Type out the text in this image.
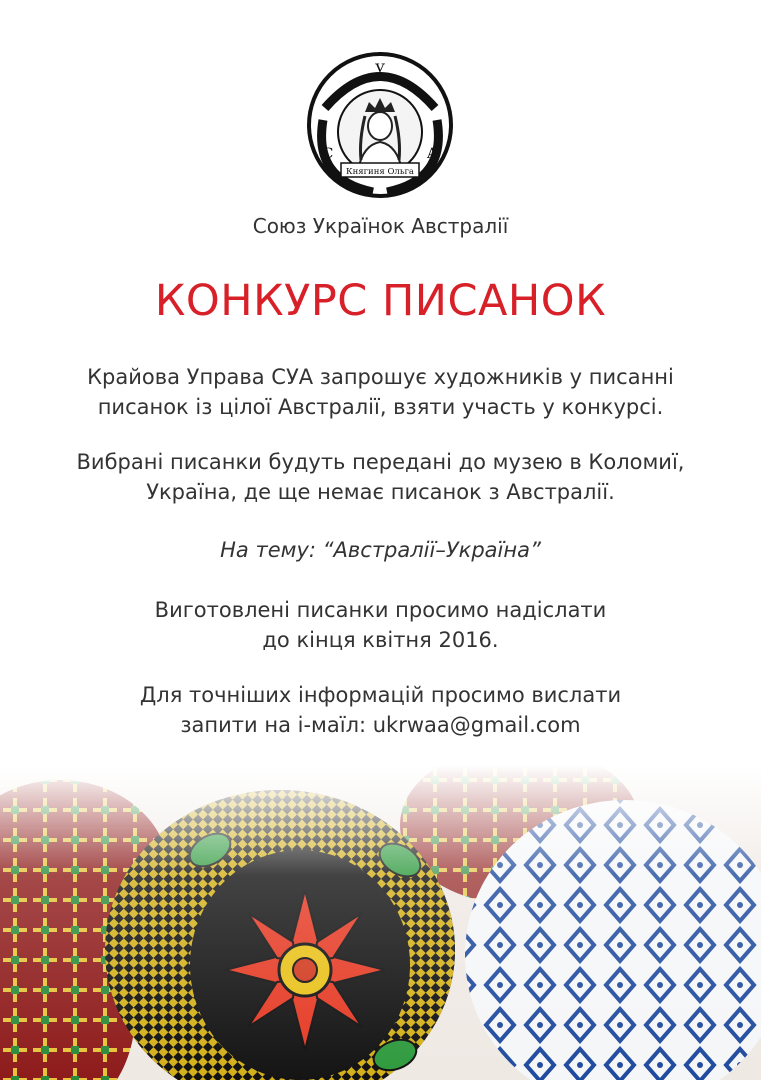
Княгиня Ольга
У
С	А
Союз Українок Австралії
КОНКУРС ПИСАНОК
Крайова Управа СУА запрошує художників у писанні
писанок із цілої Австралії, взяти участь у конкурсі.
Вибрані писанки будуть передані до музею в Коломиї,
Україна, де ще немає писанок з Австралії.
На тему: “Австралії–Україна”
Виготовлені писанки просимо надіслати
до кінця квітня 2016.
Для точніших інформацій просимо вислати
запити на і-маїл: ukrwaa@gmail.com
